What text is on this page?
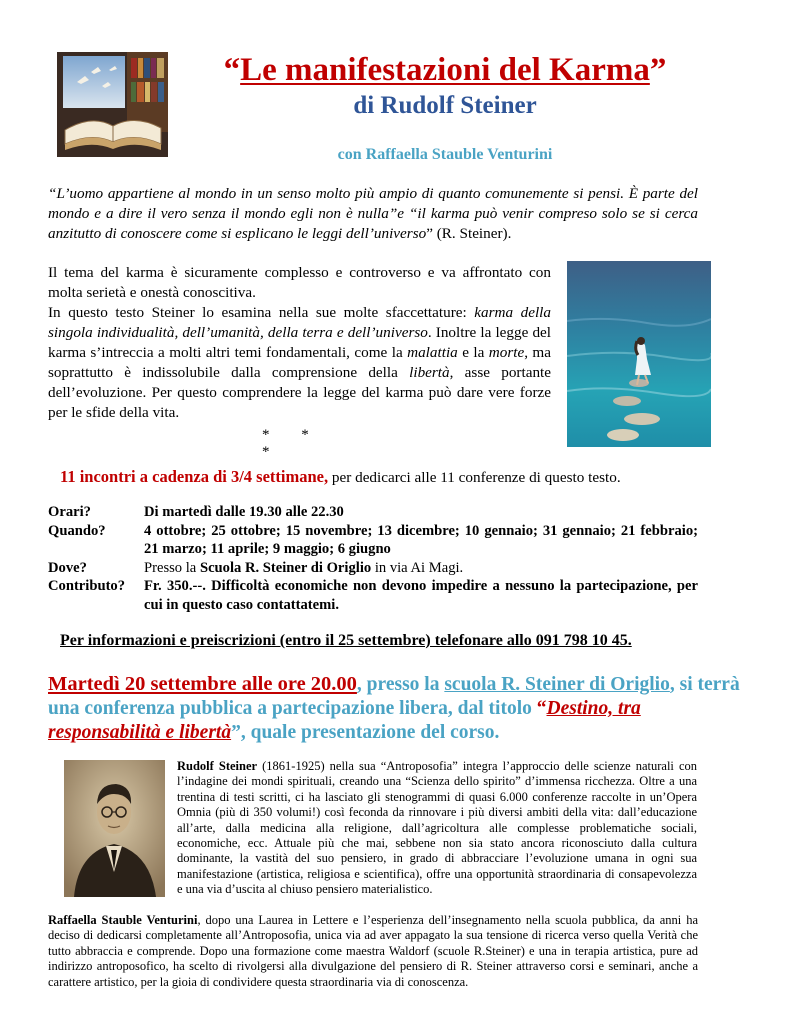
“Le manifestazioni del Karma”
di Rudolf Steiner
con Raffaella Stauble Venturini
“L’uomo appartiene al mondo in un senso molto più ampio di quanto comunemente si pensi. È parte del mondo e a dire il vero senza il mondo egli non è nulla”e “il karma può venir compreso solo se si cerca anzitutto di conoscere come si esplicano le leggi dell’universo” (R. Steiner).

Il tema del karma è sicuramente complesso e controverso e va affrontato con molta serietà e onestà conoscitiva.

In questo testo Steiner lo esamina nella sue molte sfaccettature: karma della singola individualità, dell’umanità, della terra e dell’universo. Inoltre la legge del karma s’intreccia a molti altri temi fondamentali, come la malattia e la morte, ma soprattutto è indissolubile dalla comprensione della libertà, asse portante dell’evoluzione. Per questo comprendere la legge del karma può dare vere forze per le sfide della vita.

* * *
11 incontri a cadenza di 3/4 settimane, per dedicarci alle 11 conferenze di questo testo.
Orari?	Di martedì dalle 19.30 alle 22.30
Quando?	4 ottobre; 25 ottobre; 15 novembre; 13 dicembre; 10 gennaio; 31 gennaio; 21 febbraio; 21 marzo; 11 aprile; 9 maggio; 6 giugno
Dove?	Presso la Scuola R. Steiner di Origlio in via Ai Magi.
Contributo?	Fr. 350.--. Difficoltà economiche non devono impedire a nessuno la partecipazione, per cui in questo caso contattatemi.
Per informazioni e preiscrizioni (entro il 25 settembre) telefonare allo 091 798 10 45.
Martedì 20 settembre alle ore 20.00, presso la scuola R. Steiner di Origlio, si terrà una conferenza pubblica a partecipazione libera, dal titolo “Destino, tra responsabilità e libertà”, quale presentazione del corso.
Rudolf Steiner (1861-1925) nella sua “Antroposofia” integra l’approccio delle scienze naturali con l’indagine dei mondi spirituali, creando una “Scienza dello spirito” d’immensa ricchezza. Oltre a una trentina di testi scritti, ci ha lasciato gli stenogrammi di quasi 6.000 conferenze raccolte in un’Opera Omnia (più di 350 volumi!) così feconda da rinnovare i più diversi ambiti della vita: dall’educazione all’arte, dalla medicina alla religione, dall’agricoltura alle complesse problematiche sociali, economiche, ecc. Attuale più che mai, sebbene non sia stato ancora riconosciuto dalla cultura dominante, la vastità del suo pensiero, in grado di abbracciare l’evoluzione umana in ogni sua manifestazione (artistica, religiosa e scientifica), offre una opportunità straordinaria di consapevolezza e una via d’uscita al chiuso pensiero materialistico.
Raffaella Stauble Venturini, dopo una Laurea in Lettere e l’esperienza dell’insegnamento nella scuola pubblica, da anni ha deciso di dedicarsi completamente all’Antroposofia, unica via ad aver appagato la sua tensione di ricerca verso quella Verità che tutto abbraccia e comprende. Dopo una formazione come maestra Waldorf (scuole R.Steiner) e una in terapia artistica, pure ad indirizzo antroposofico, ha scelto di rivolgersi alla divulgazione del pensiero di R. Steiner attraverso corsi e seminari, anche a carattere artistico, per la gioia di condividere questa straordinaria via di conoscenza.
